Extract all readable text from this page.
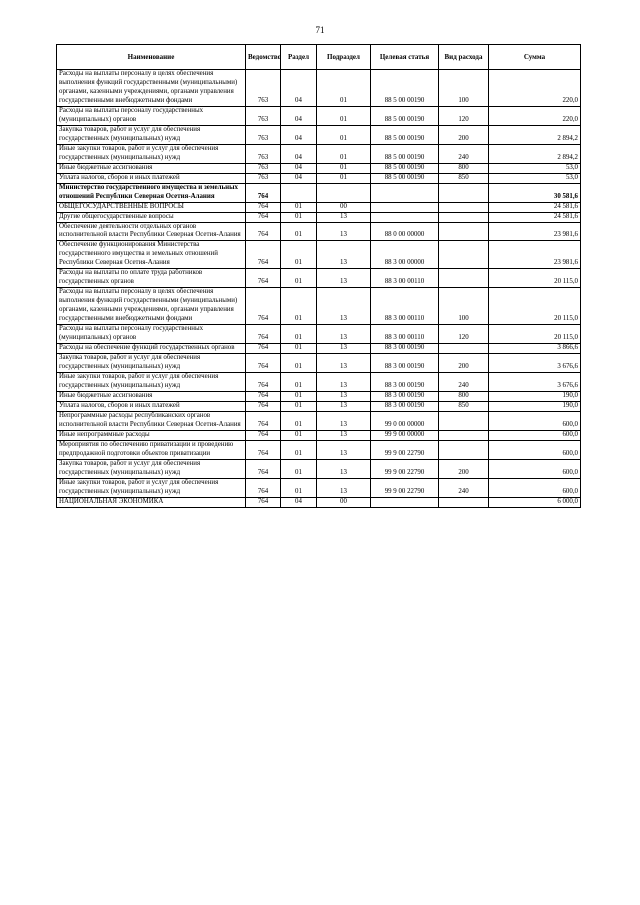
71
Наименование	Ведомство	Раздел	Подраздел	Целевая статья	Вид расхода	Сумма
Расходы на выплаты персоналу в целях обеспечения выполнения функций государственными (муниципальными) органами, казенными учреждениями, органами управления государственными внебюджетными фондами	763	04	01	88 5 00 00190	100	220,0
Расходы на выплаты персоналу государственных (муниципальных) органов	763	04	01	88 5 00 00190	120	220,0
Закупка товаров, работ и услуг для обеспечения государственных (муниципальных) нужд	763	04	01	88 5 00 00190	200	2 894,2
Иные закупки товаров, работ и услуг для обеспечения государственных (муниципальных) нужд	763	04	01	88 5 00 00190	240	2 894,2
Иные бюджетные ассигнования	763	04	01	88 5 00 00190	800	53,0
Уплата налогов, сборов и иных платежей	763	04	01	88 5 00 00190	850	53,0
Министерство государственного имущества и земельных отношений Республики Северная Осетия-Алания	764					30 581,6
ОБЩЕГОСУДАРСТВЕННЫЕ ВОПРОСЫ	764	01	00			24 581,6
Другие общегосударственные вопросы	764	01	13			24 581,6
Обеспечение деятельности отдельных органов исполнительной власти Республики Северная Осетия-Алания	764	01	13	88 0 00 00000		23 981,6
Обеспечение функционирования Министерства государственного имущества и земельных отношений Республики Северная Осетия-Алания	764	01	13	88 3 00 00000		23 981,6
Расходы на выплаты по оплате труда работников государственных органов	764	01	13	88 3 00 00110		20 115,0
Расходы на выплаты персоналу в целях обеспечения выполнения функций государственными (муниципальными) органами, казенными учреждениями, органами управления государственными внебюджетными фондами	764	01	13	88 3 00 00110	100	20 115,0
Расходы на выплаты персоналу государственных (муниципальных) органов	764	01	13	88 3 00 00110	120	20 115,0
Расходы на обеспечение функций государственных органов	764	01	13	88 3 00 00190		3 866,6
Закупка товаров, работ и услуг для обеспечения государственных (муниципальных) нужд	764	01	13	88 3 00 00190	200	3 676,6
Иные закупки товаров, работ и услуг для обеспечения государственных (муниципальных) нужд	764	01	13	88 3 00 00190	240	3 676,6
Иные бюджетные ассигнования	764	01	13	88 3 00 00190	800	190,0
Уплата налогов, сборов и иных платежей	764	01	13	88 3 00 00190	850	190,0
Непрограммные расходы республиканских органов исполнительной власти Республики Северная Осетия-Алания	764	01	13	99 0 00 00000		600,0
Иные непрограммные расходы	764	01	13	99 9 00 00000		600,0
Мероприятия по обеспечению приватизации и проведению предпродажной подготовки объектов приватизации	764	01	13	99 9 00 22790		600,0
Закупка товаров, работ и услуг для обеспечения государственных (муниципальных) нужд	764	01	13	99 9 00 22790	200	600,0
Иные закупки товаров, работ и услуг для обеспечения государственных (муниципальных) нужд	764	01	13	99 9 00 22790	240	600,0
НАЦИОНАЛЬНАЯ ЭКОНОМИКА	764	04	00			6 000,0
